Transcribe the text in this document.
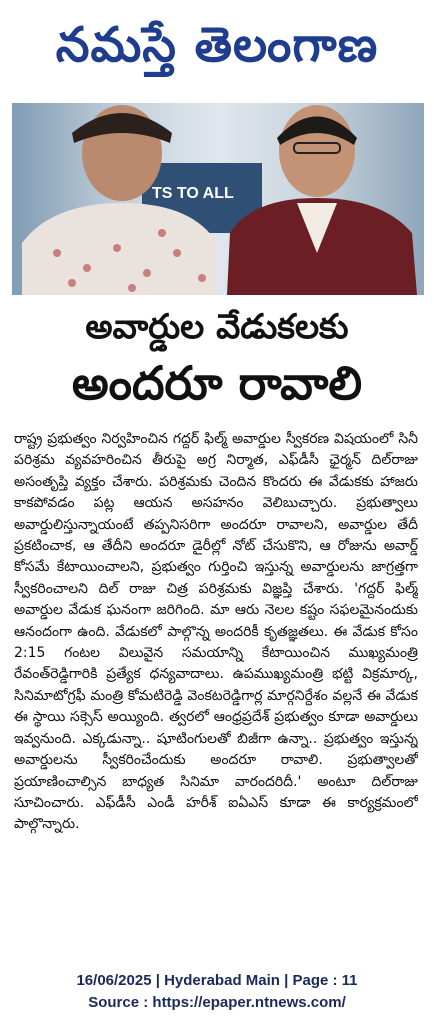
నమస్తే తెలంగాణ
TS TO ALL
అవార్డుల వేడుకలకు
అందరూ రావాలి
రాష్ట్ర ప్రభుత్వం నిర్వహించిన గద్దర్ ఫిల్మ్ అవార్డుల స్వీకరణ విషయంలో సినీ పరిశ్రమ వ్యవహరించిన తీరుపై అగ్ర నిర్మాత, ఎఫ్‌డీసీ ఛైర్మన్ దిల్‌రాజు అసంతృప్తి వ్యక్తం చేశారు. పరిశ్రమకు చెందిన కొందరు ఈ వేడుకకు హాజరు కాకపోవడం పట్ల ఆయన అసహనం వెలిబుచ్చారు. ప్రభుత్వాలు అవార్డులిస్తున్నాయంటే తప్పనిసరిగా అందరూ రావాలని, అవార్డుల తేదీ ప్రకటించాక, ఆ తేదీని అందరూ డైరీల్లో నోట్ చేసుకొని, ఆ రోజును అవార్డ్ కోసమే కేటాయించాలని, ప్రభుత్వం గుర్తించి ఇస్తున్న అవార్డులను జాగ్రత్తగా స్వీకరించాలని దిల్ రాజు చిత్ర పరిశ్రమకు విజ్ఞప్తి చేశారు. 'గద్దర్ ఫిల్మ్ అవార్డుల వేడుక ఘనంగా జరిగింది. మా ఆరు నెలల కష్టం సఫలమైనందుకు ఆనందంగా ఉంది. వేడుకలో పాల్గొన్న అందరికీ కృతజ్ఞతలు. ఈ వేడుక కోసం 2:15 గంటల విలువైన సమయాన్ని కేటాయించిన ముఖ్యమంత్రి రేవంత్‌రెడ్డిగారికి ప్రత్యేక ధన్యవాదాలు. ఉపముఖ్యమంత్రి భట్టి విక్రమార్క, సినిమాటోగ్రఫీ మంత్రి కోమటిరెడ్డి వెంకటరెడ్డిగార్ల మార్గనిర్దేశం వల్లనే ఈ వేడుక ఈ స్థాయి సక్సెస్ అయ్యింది. త్వరలో ఆంధ్రప్రదేశ్ ప్రభుత్వం కూడా అవార్డులు ఇవ్వనుంది. ఎక్కడున్నా.. షూటింగులతో బిజీగా ఉన్నా.. ప్రభుత్వం ఇస్తున్న అవార్డులను స్వీకరించేందుకు అందరూ రావాలి. ప్రభుత్వాలతో ప్రయాణించాల్సిన బాధ్యత సినిమా వారందరిదీ.' అంటూ దిల్‌రాజు సూచించారు. ఎఫ్‌డీసీ ఎండీ హరీశ్ ఐఏఎస్ కూడా ఈ కార్యక్రమంలో పాల్గొన్నారు.
16/06/2025 | Hyderabad Main | Page : 11
Source : https://epaper.ntnews.com/
